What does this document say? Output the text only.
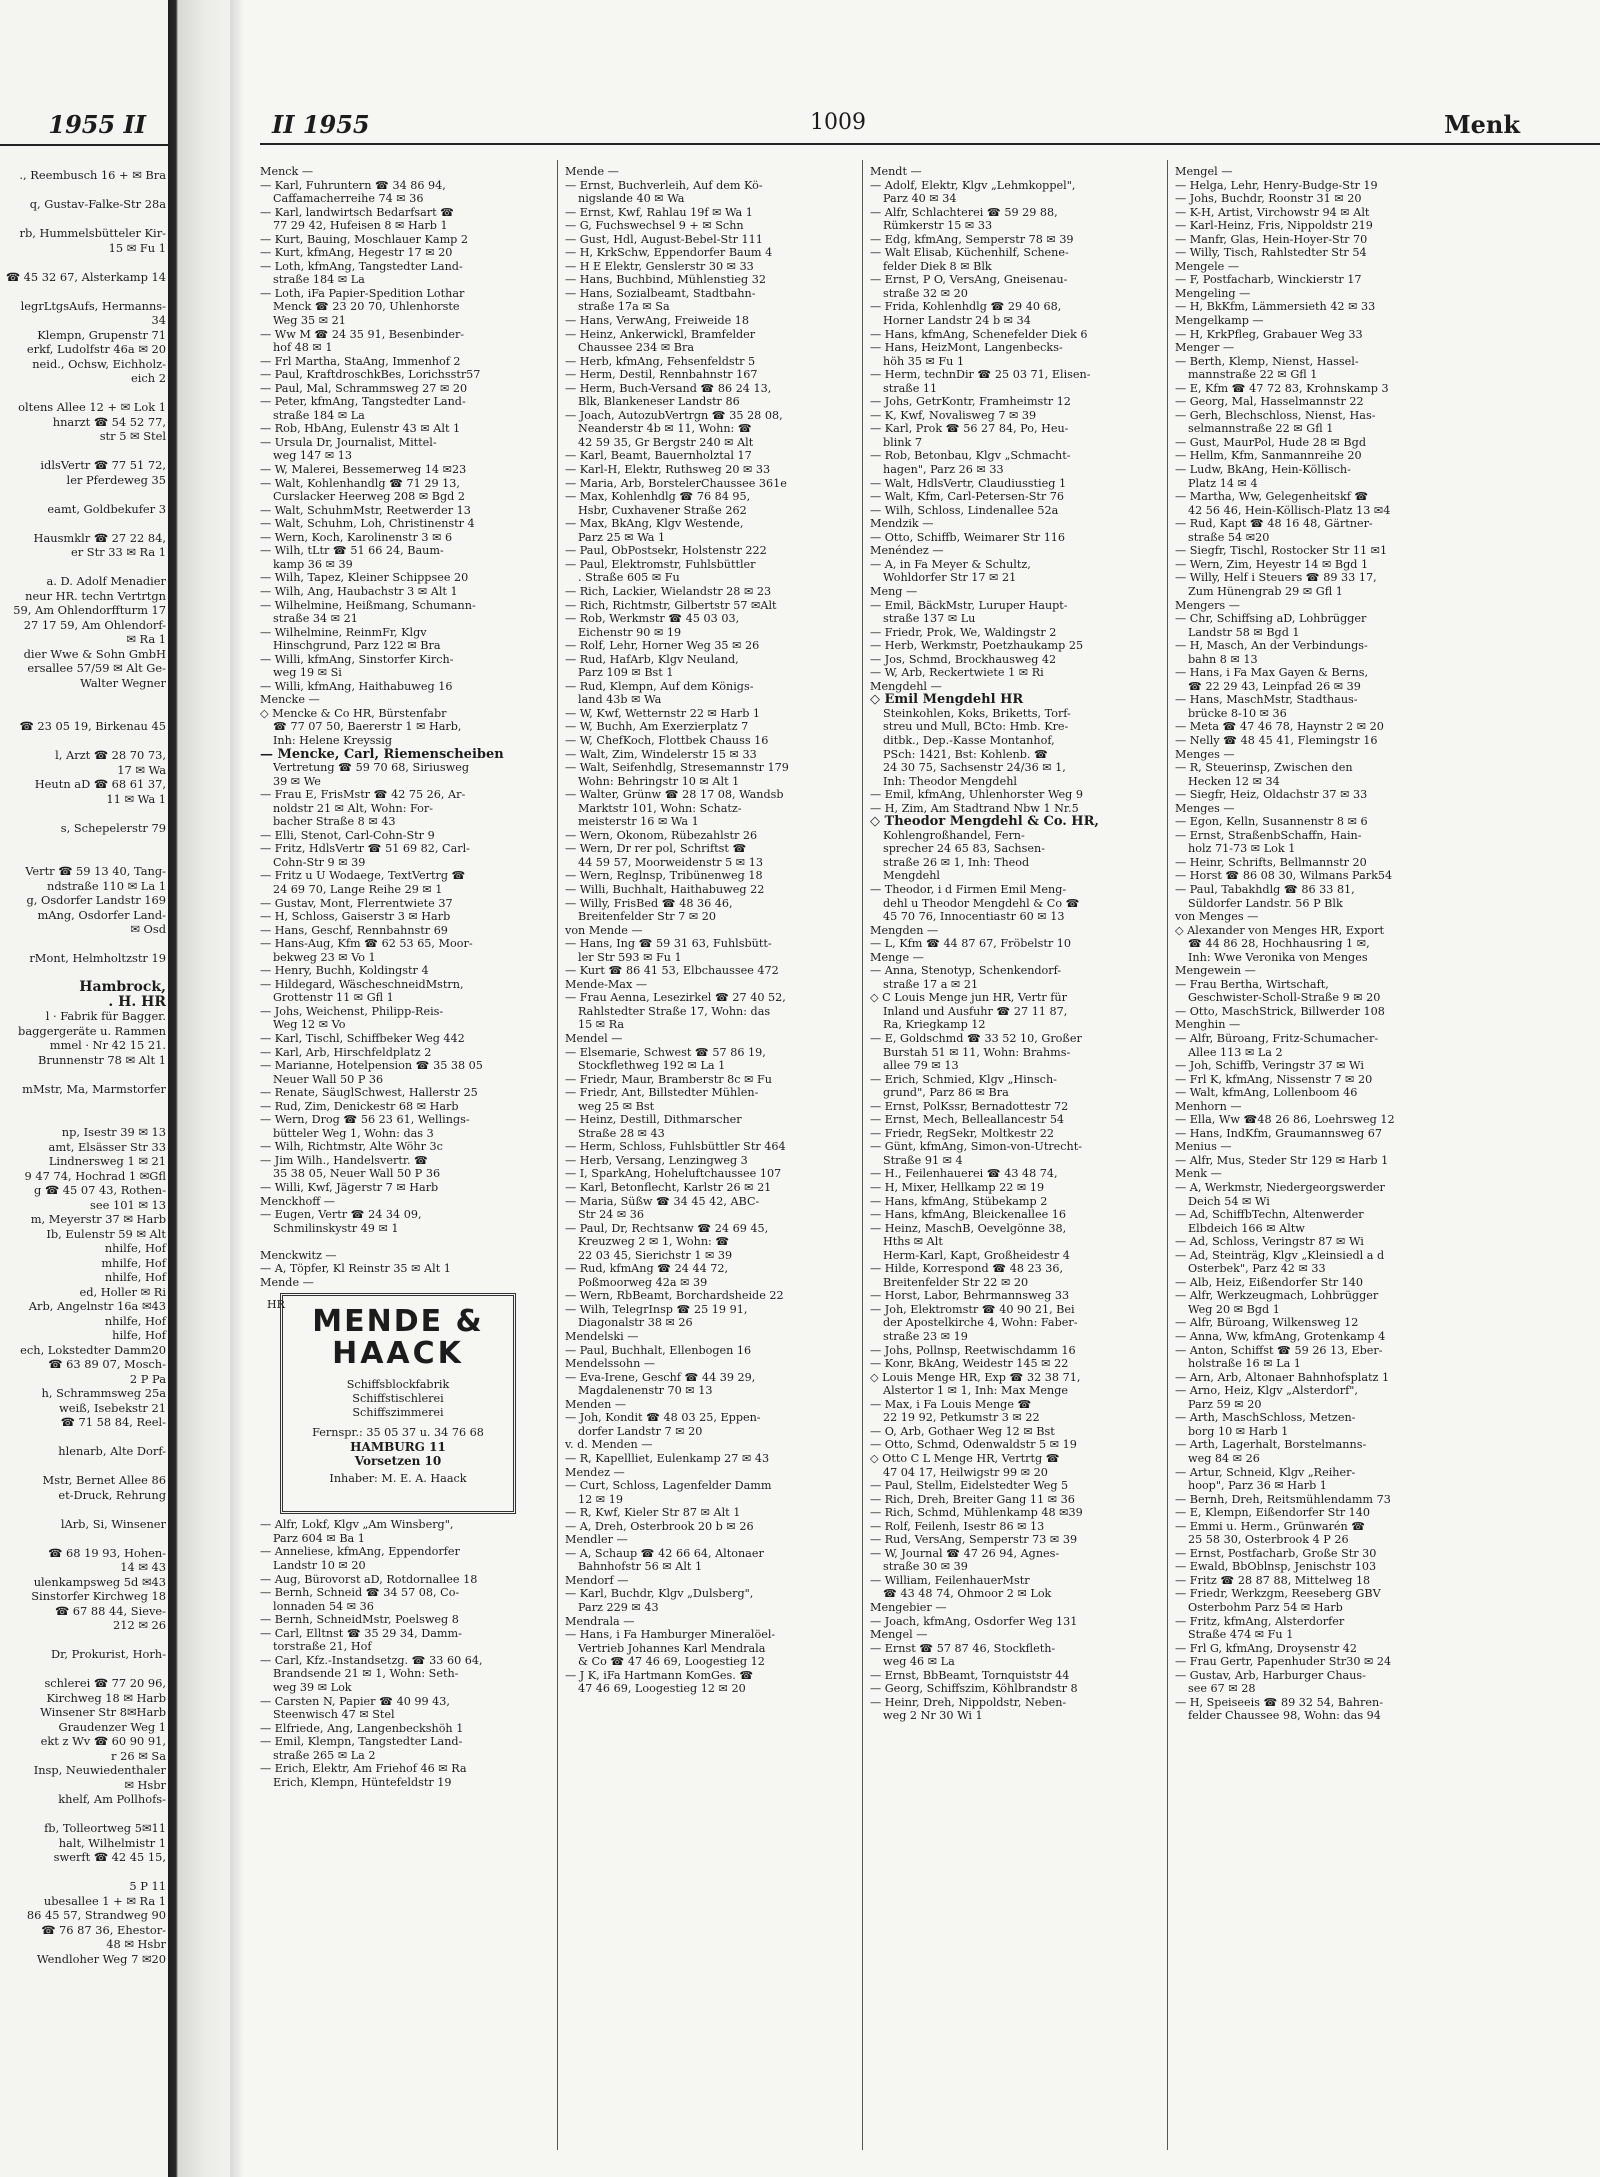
1955 II
., Reembusch 16 + ✉ Bra

q, Gustav-Falke-Str 28a

rb, Hummelsbütteler Kir-
15 ✉ Fu 1

☎ 45 32 67, Alsterkamp 14

legrLtgsAufs, Hermanns-
34
Klempn, Grupenstr 71
erkf, Ludolfstr 46a ✉ 20
neid., Ochsw, Eichholz-
eich 2

oltens Allee 12 + ✉ Lok 1
hnarzt ☎ 54 52 77,
str 5 ✉ Stel

idlsVertr ☎ 77 51 72,
ler Pferdeweg 35

eamt, Goldbekufer 3

Hausmklr ☎ 27 22 84,
er Str 33 ✉ Ra 1

a. D. Adolf Menadier
neur HR. techn Vertrtgn
59, Am Ohlendorffturm 17
27 17 59, Am Ohlendorf-
✉ Ra 1
dier Wwe & Sohn GmbH
ersallee 57/59 ✉ Alt Ge-
Walter Wegner

☎ 23 05 19, Birkenau 45

l, Arzt ☎ 28 70 73,
17 ✉ Wa
Heutn aD ☎ 68 61 37,
11 ✉ Wa 1

s, Schepelerstr 79

Vertr ☎ 59 13 40, Tang-
ndstraße 110 ✉ La 1
g, Osdorfer Landstr 169
mAng, Osdorfer Land-
✉ Osd

rMont, Helmholtzstr 19

Hambrock,
. H. HR
l · Fabrik für Bagger.
baggergeräte u. Rammen
mmel · Nr 42 15 21.
Brunnenstr 78 ✉ Alt 1

mMstr, Ma, Marmstorfer

np, Isestr 39 ✉ 13
amt, Elsässer Str 33
Lindnersweg 1 ✉ 21
9 47 74, Hochrad 1 ✉Gfl
g ☎ 45 07 43, Rothen-
see 101 ✉ 13
m, Meyerstr 37 ✉ Harb
Ib, Eulenstr 59 ✉ Alt
nhilfe, Hof
mhilfe, Hof
nhilfe, Hof
ed, Holler ✉ Ri
Arb, Angelnstr 16a ✉43
nhilfe, Hof
hilfe, Hof
ech, Lokstedter Damm20
☎ 63 89 07, Mosch-
2 P Pa
h, Schrammsweg 25a
weiß, Isebekstr 21
☎ 71 58 84, Reel-

hlenarb, Alte Dorf-

Mstr, Bernet Allee 86
et-Druck, Rehrung

lArb, Si, Winsener

☎ 68 19 93, Hohen-
14 ✉ 43
ulenkampsweg 5d ✉43
Sinstorfer Kirchweg 18
☎ 67 88 44, Sieve-
212 ✉ 26

Dr, Prokurist, Horh-

schlerei ☎ 77 20 96,
Kirchweg 18 ✉ Harb
Winsener Str 8✉Harb
Graudenzer Weg 1
ekt z Wv ☎ 60 90 91,
r 26 ✉ Sa
Insp, Neuwiedenthaler
✉ Hsbr
khelf, Am Pollhofs-

fb, Tolleortweg 5✉11
halt, Wilhelmistr 1
swerft ☎ 42 45 15,

5 P 11
ubesallee 1 + ✉ Ra 1
86 45 57, Strandweg 90
☎ 76 87 36, Ehestor-
48 ✉ Hsbr
Wendloher Weg 7 ✉20
II 1955	1009	Menk
Menck —
— Karl, Fuhruntern ☎ 34 86 94,
Caffamacherreihe 74 ✉ 36
— Karl, landwirtsch Bedarfsart ☎
77 29 42, Hufeisen 8 ✉ Harb 1
— Kurt, Bauing, Moschlauer Kamp 2
— Kurt, kfmAng, Hegestr 17 ✉ 20
— Loth, kfmAng, Tangstedter Land-
straße 184 ✉ La
— Loth, iFa Papier-Spedition Lothar
Menck ☎ 23 20 70, Uhlenhorste
Weg 35 ✉ 21
— Ww M ☎ 24 35 91, Besenbinder-
hof 48 ✉ 1
— Frl Martha, StaAng, Immenhof 2
— Paul, KraftdroschkBes, Lorichsstr57
— Paul, Mal, Schrammsweg 27 ✉ 20
— Peter, kfmAng, Tangstedter Land-
straße 184 ✉ La
— Rob, HbAng, Eulenstr 43 ✉ Alt 1
— Ursula Dr, Journalist, Mittel-
weg 147 ✉ 13
— W, Malerei, Bessemerweg 14 ✉23
— Walt, Kohlenhandlg ☎ 71 29 13,
Curslacker Heerweg 208 ✉ Bgd 2
— Walt, SchuhmMstr, Reetwerder 13
— Walt, Schuhm, Loh, Christinenstr 4
— Wern, Koch, Karolinenstr 3 ✉ 6
— Wilh, tLtr ☎ 51 66 24, Baum-
kamp 36 ✉ 39
— Wilh, Tapez, Kleiner Schippsee 20
— Wilh, Ang, Haubachstr 3 ✉ Alt 1
— Wilhelmine, Heißmang, Schumann-
straße 34 ✉ 21
— Wilhelmine, ReinmFr, Klgv
Hinschgrund, Parz 122 ✉ Bra
— Willi, kfmAng, Sinstorfer Kirch-
weg 19 ✉ Si
— Willi, kfmAng, Haithabuweg 16
Mencke —
◇ Mencke & Co HR, Bürstenfabr
☎ 77 07 50, Baererstr 1 ✉ Harb,
Inh: Helene Kreyssig
— Mencke, Carl, Riemenscheiben
Vertretung ☎ 59 70 68, Siriusweg
39 ✉ We
— Frau E, FrisMstr ☎ 42 75 26, Ar-
noldstr 21 ✉ Alt, Wohn: For-
bacher Straße 8 ✉ 43
— Elli, Stenot, Carl-Cohn-Str 9
— Fritz, HdlsVertr ☎ 51 69 82, Carl-
Cohn-Str 9 ✉ 39
— Fritz u U Wodaege, TextVertrg ☎
24 69 70, Lange Reihe 29 ✉ 1
— Gustav, Mont, Flerrentwiete 37
— H, Schloss, Gaiserstr 3 ✉ Harb
— Hans, Geschf, Rennbahnstr 69
— Hans-Aug, Kfm ☎ 62 53 65, Moor-
bekweg 23 ✉ Vo 1
— Henry, Buchh, Koldingstr 4
— Hildegard, WäscheschneidMstrn,
Grottenstr 11 ✉ Gfl 1
— Johs, Weichenst, Philipp-Reis-
Weg 12 ✉ Vo
— Karl, Tischl, Schiffbeker Weg 442
— Karl, Arb, Hirschfeldplatz 2
— Marianne, Hotelpension ☎ 35 38 05
Neuer Wall 50 P 36
— Renate, SäuglSchwest, Hallerstr 25
— Rud, Zim, Denickestr 68 ✉ Harb
— Wern, Drog ☎ 56 23 61, Wellings-
bütteler Weg 1, Wohn: das 3
— Wilh, Richtmstr, Alte Wöhr 3c
— Jim Wilh., Handelsvertr. ☎
35 38 05, Neuer Wall 50 P 36
— Willi, Kwf, Jägerstr 7 ✉ Harb
Menckhoff —
— Eugen, Vertr ☎ 24 34 09,
Schmilinskystr 49 ✉ 1

Menckwitz —
— A, Töpfer, Kl Reinstr 35 ✉ Alt 1
Mende —
HR MENDE &
HAACK
Schiffsblockfabrik
Schiffstischlerei
Schiffszimmerei
Fernspr.: 35 05 37 u. 34 76 68
HAMBURG 11
Vorsetzen 10
Inhaber: M. E. A. Haack
— Alfr, Lokf, Klgv „Am Winsberg",
Parz 604 ✉ Ba 1
— Anneliese, kfmAng, Eppendorfer
Landstr 10 ✉ 20
— Aug, Bürovorst aD, Rotdornallee 18
— Bernh, Schneid ☎ 34 57 08, Co-
lonnaden 54 ✉ 36
— Bernh, SchneidMstr, Poelsweg 8
— Carl, Elltnst ☎ 35 29 34, Damm-
torstraße 21, Hof
— Carl, Kfz.-Instandsetzg. ☎ 33 60 64,
Brandsende 21 ✉ 1, Wohn: Seth-
weg 39 ✉ Lok
— Carsten N, Papier ☎ 40 99 43,
Steenwisch 47 ✉ Stel
— Elfriede, Ang, Langenbeckshöh 1
— Emil, Klempn, Tangstedter Land-
straße 265 ✉ La 2
— Erich, Elektr, Am Friehof 46 ✉ Ra
Erich, Klempn, Hüntefeldstr 19
Mende —
— Ernst, Buchverleih, Auf dem Kö-
nigslande 40 ✉ Wa
— Ernst, Kwf, Rahlau 19f ✉ Wa 1
— G, Fuchswechsel 9 + ✉ Schn
— Gust, Hdl, August-Bebel-Str 111
— H, KrkSchw, Eppendorfer Baum 4
— H E Elektr, Genslerstr 30 ✉ 33
— Hans, Buchbind, Mühlenstieg 32
— Hans, Sozialbeamt, Stadtbahn-
straße 17a ✉ Sa
— Hans, VerwAng, Freiweide 18
— Heinz, Ankerwickl, Bramfelder
Chaussee 234 ✉ Bra
— Herb, kfmAng, Fehsenfeldstr 5
— Herm, Destil, Rennbahnstr 167
— Herm, Buch-Versand ☎ 86 24 13,
Blk, Blankeneser Landstr 86
— Joach, AutozubVertrgn ☎ 35 28 08,
Neanderstr 4b ✉ 11, Wohn: ☎
42 59 35, Gr Bergstr 240 ✉ Alt
— Karl, Beamt, Bauernholztal 17
— Karl-H, Elektr, Ruthsweg 20 ✉ 33
— Maria, Arb, BorstelerChaussee 361e
— Max, Kohlenhdlg ☎ 76 84 95,
Hsbr, Cuxhavener Straße 262
— Max, BkAng, Klgv Westende,
Parz 25 ✉ Wa 1
— Paul, ObPostsekr, Holstenstr 222
— Paul, Elektromstr, Fuhlsbüttler
. Straße 605 ✉ Fu
— Rich, Lackier, Wielandstr 28 ✉ 23
— Rich, Richtmstr, Gilbertstr 57 ✉Alt
— Rob, Werkmstr ☎ 45 03 03,
Eichenstr 90 ✉ 19
— Rolf, Lehr, Horner Weg 35 ✉ 26
— Rud, HafArb, Klgv Neuland,
Parz 109 ✉ Bst 1
— Rud, Klempn, Auf dem Königs-
land 43b ✉ Wa
— W, Kwf, Wetternstr 22 ✉ Harb 1
— W, Buchh, Am Exerzierplatz 7
— W, ChefKoch, Flottbek Chauss 16
— Walt, Zim, Windelerstr 15 ✉ 33
— Walt, Seifenhdlg, Stresemannstr 179
Wohn: Behringstr 10 ✉ Alt 1
— Walter, Grünw ☎ 28 17 08, Wandsb
Marktstr 101, Wohn: Schatz-
meisterstr 16 ✉ Wa 1
— Wern, Okonom, Rübezahlstr 26
— Wern, Dr rer pol, Schriftst ☎
44 59 57, Moorweidenstr 5 ✉ 13
— Wern, Reglnsp, Tribünenweg 18
— Willi, Buchhalt, Haithabuweg 22
— Willy, FrisBed ☎ 48 36 46,
Breitenfelder Str 7 ✉ 20
von Mende —
— Hans, Ing ☎ 59 31 63, Fuhlsbütt-
ler Str 593 ✉ Fu 1
— Kurt ☎ 86 41 53, Elbchaussee 472
Mende-Max —
— Frau Aenna, Lesezirkel ☎ 27 40 52,
Rahlstedter Straße 17, Wohn: das
15 ✉ Ra
Mendel —
— Elsemarie, Schwest ☎ 57 86 19,
Stockflethweg 192 ✉ La 1
— Friedr, Maur, Bramberstr 8c ✉ Fu
— Friedr, Ant, Billstedter Mühlen-
weg 25 ✉ Bst
— Heinz, Destill, Dithmarscher
Straße 28 ✉ 43
— Herm, Schloss, Fuhlsbüttler Str 464
— Herb, Versang, Lenzingweg 3
— I, SparkAng, Hoheluftchaussee 107
— Karl, Betonflecht, Karlstr 26 ✉ 21
— Maria, Süßw ☎ 34 45 42, ABC-
Str 24 ✉ 36
— Paul, Dr, Rechtsanw ☎ 24 69 45,
Kreuzweg 2 ✉ 1, Wohn: ☎
22 03 45, Sierichstr 1 ✉ 39
— Rud, kfmAng ☎ 24 44 72,
Poßmoorweg 42a ✉ 39
— Wern, RbBeamt, Borchardsheide 22
— Wilh, TelegrInsp ☎ 25 19 91,
Diagonalstr 38 ✉ 26
Mendelski —
— Paul, Buchhalt, Ellenbogen 16
Mendelssohn —
— Eva-Irene, Geschf ☎ 44 39 29,
Magdalenenstr 70 ✉ 13
Menden —
— Joh, Kondit ☎ 48 03 25, Eppen-
dorfer Landstr 7 ✉ 20
v. d. Menden —
— R, Kapellliet, Eulenkamp 27 ✉ 43
Mendez —
— Curt, Schloss, Lagenfelder Damm
12 ✉ 19
— R, Kwf, Kieler Str 87 ✉ Alt 1
— A, Dreh, Osterbrook 20 b ✉ 26
Mendler —
— A, Schaup ☎ 42 66 64, Altonaer
Bahnhofstr 56 ✉ Alt 1
Mendorf —
— Karl, Buchdr, Klgv „Dulsberg",
Parz 229 ✉ 43
Mendrala —
— Hans, i Fa Hamburger Mineralöel-
Vertrieb Johannes Karl Mendrala
& Co ☎ 47 46 69, Loogestieg 12
— J K, iFa Hartmann KomGes. ☎
47 46 69, Loogestieg 12 ✉ 20
Mendt —
— Adolf, Elektr, Klgv „Lehmkoppel",
Parz 40 ✉ 34
— Alfr, Schlachterei ☎ 59 29 88,
Rümkerstr 15 ✉ 33
— Edg, kfmAng, Semperstr 78 ✉ 39
— Walt Elisab, Küchenhilf, Schene-
felder Diek 8 ✉ Blk
— Ernst, P O, VersAng, Gneisenau-
straße 32 ✉ 20
— Frida, Kohlenhdlg ☎ 29 40 68,
Horner Landstr 24 b ✉ 34
— Hans, kfmAng, Schenefelder Diek 6
— Hans, HeizMont, Langenbecks-
höh 35 ✉ Fu 1
— Herm, technDir ☎ 25 03 71, Elisen-
straße 11
— Johs, GetrKontr, Framheimstr 12
— K, Kwf, Novalisweg 7 ✉ 39
— Karl, Prok ☎ 56 27 84, Po, Heu-
blink 7
— Rob, Betonbau, Klgv „Schmacht-
hagen", Parz 26 ✉ 33
— Walt, HdlsVertr, Claudiusstieg 1
— Walt, Kfm, Carl-Petersen-Str 76
— Wilh, Schloss, Lindenallee 52a
Mendzik —
— Otto, Schiffb, Weimarer Str 116
Menéndez —
— A, in Fa Meyer & Schultz,
Wohldorfer Str 17 ✉ 21
Meng —
— Emil, BäckMstr, Luruper Haupt-
straße 137 ✉ Lu
— Friedr, Prok, We, Waldingstr 2
— Herb, Werkmstr, Poetzhaukamp 25
— Jos, Schmd, Brockhausweg 42
— W, Arb, Reckertwiete 1 ✉ Ri
Mengdehl —
◇ Emil Mengdehl HR
Steinkohlen, Koks, Briketts, Torf-
streu und Mull, BCto: Hmb. Kre-
ditbk., Dep.-Kasse Montanhof,
PSch: 1421, Bst: Kohlenb. ☎
24 30 75, Sachsenstr 24/36 ✉ 1,
Inh: Theodor Mengdehl
— Emil, kfmAng, Uhlenhorster Weg 9
— H, Zim, Am Stadtrand Nbw 1 Nr.5
◇ Theodor Mengdehl & Co. HR,
Kohlengroßhandel, Fern-
sprecher 24 65 83, Sachsen-
straße 26 ✉ 1, Inh: Theod
Mengdehl
— Theodor, i d Firmen Emil Meng-
dehl u Theodor Mengdehl & Co ☎
45 70 76, Innocentiastr 60 ✉ 13
Mengden —
— L, Kfm ☎ 44 87 67, Fröbelstr 10
Menge —
— Anna, Stenotyp, Schenkendorf-
straße 17 a ✉ 21
◇ C Louis Menge jun HR, Vertr für
Inland und Ausfuhr ☎ 27 11 87,
Ra, Kriegkamp 12
— E, Goldschmd ☎ 33 52 10, Großer
Burstah 51 ✉ 11, Wohn: Brahms-
allee 79 ✉ 13
— Erich, Schmied, Klgv „Hinsch-
grund", Parz 86 ✉ Bra
— Ernst, PolKssr, Bernadottestr 72
— Ernst, Mech, Belleallancestr 54
— Friedr, RegSekr, Moltkestr 22
— Günt, kfmAng, Simon-von-Utrecht-
Straße 91 ✉ 4
— H., Feilenhauerei ☎ 43 48 74,
— H, Mixer, Hellkamp 22 ✉ 19
— Hans, kfmAng, Stübekamp 2
— Hans, kfmAng, Bleickenallee 16
— Heinz, MaschB, Oevelgönne 38,
Hths ✉ Alt
Herm-Karl, Kapt, Großheidestr 4
— Hilde, Korrespond ☎ 48 23 36,
Breitenfelder Str 22 ✉ 20
— Horst, Labor, Behrmannsweg 33
— Joh, Elektromstr ☎ 40 90 21, Bei
der Apostelkirche 4, Wohn: Faber-
straße 23 ✉ 19
— Johs, Pollnsp, Reetwischdamm 16
— Konr, BkAng, Weidestr 145 ✉ 22
◇ Louis Menge HR, Exp ☎ 32 38 71,
Alstertor 1 ✉ 1, Inh: Max Menge
— Max, i Fa Louis Menge ☎
22 19 92, Petkumstr 3 ✉ 22
— O, Arb, Gothaer Weg 12 ✉ Bst
— Otto, Schmd, Odenwaldstr 5 ✉ 19
◇ Otto C L Menge HR, Vertrtg ☎
47 04 17, Heilwigstr 99 ✉ 20
— Paul, Stellm, Eidelstedter Weg 5
— Rich, Dreh, Breiter Gang 11 ✉ 36
— Rich, Schmd, Mühlenkamp 48 ✉39
— Rolf, Feilenh, Isestr 86 ✉ 13
— Rud, VersAng, Semperstr 73 ✉ 39
— W, Journal ☎ 47 26 94, Agnes-
straße 30 ✉ 39
— William, FeilenhauerMstr
☎ 43 48 74, Ohmoor 2 ✉ Lok
Mengebier —
— Joach, kfmAng, Osdorfer Weg 131
Mengel —
— Ernst ☎ 57 87 46, Stockfleth-
weg 46 ✉ La
— Ernst, BbBeamt, Tornquiststr 44
— Georg, Schiffszim, Köhlbrandstr 8
— Heinr, Dreh, Nippoldstr, Neben-
weg 2 Nr 30 Wi 1
Mengel —
— Helga, Lehr, Henry-Budge-Str 19
— Johs, Buchdr, Roonstr 31 ✉ 20
— K-H, Artist, Virchowstr 94 ✉ Alt
— Karl-Heinz, Fris, Nippoldstr 219
— Manfr, Glas, Hein-Hoyer-Str 70
— Willy, Tisch, Rahlstedter Str 54
Mengele —
— F, Postfacharb, Winckierstr 17
Mengeling —
— H, BkKfm, Lämmersieth 42 ✉ 33
Mengelkamp —
— H, KrkPfleg, Grabauer Weg 33
Menger —
— Berth, Klemp, Nienst, Hassel-
mannstraße 22 ✉ Gfl 1
— E, Kfm ☎ 47 72 83, Krohnskamp 3
— Georg, Mal, Hasselmannstr 22
— Gerh, Blechschloss, Nienst, Has-
selmannstraße 22 ✉ Gfl 1
— Gust, MaurPol, Hude 28 ✉ Bgd
— Hellm, Kfm, Sanmannreihe 20
— Ludw, BkAng, Hein-Köllisch-
Platz 14 ✉ 4
— Martha, Ww, Gelegenheitskf ☎
42 56 46, Hein-Köllisch-Platz 13 ✉4
— Rud, Kapt ☎ 48 16 48, Gärtner-
straße 54 ✉20
— Siegfr, Tischl, Rostocker Str 11 ✉1
— Wern, Zim, Heyestr 14 ✉ Bgd 1
— Willy, Helf i Steuers ☎ 89 33 17,
Zum Hünengrab 29 ✉ Gfl 1
Mengers —
— Chr, Schiffsing aD, Lohbrügger
Landstr 58 ✉ Bgd 1
— H, Masch, An der Verbindungs-
bahn 8 ✉ 13
— Hans, i Fa Max Gayen & Berns,
☎ 22 29 43, Leinpfad 26 ✉ 39
— Hans, MaschMstr, Stadthaus-
brücke 8-10 ✉ 36
— Meta ☎ 47 46 78, Haynstr 2 ✉ 20
— Nelly ☎ 48 45 41, Flemingstr 16
Menges —
— R, Steuerinsp, Zwischen den
Hecken 12 ✉ 34
— Siegfr, Heiz, Oldachstr 37 ✉ 33
Menges —
— Egon, Kelln, Susannenstr 8 ✉ 6
— Ernst, StraßenbSchaffn, Hain-
holz 71-73 ✉ Lok 1
— Heinr, Schrifts, Bellmannstr 20
— Horst ☎ 86 08 30, Wilmans Park54
— Paul, Tabakhdlg ☎ 86 33 81,
Süldorfer Landstr. 56 P Blk
von Menges —
◇ Alexander von Menges HR, Export
☎ 44 86 28, Hochhausring 1 ✉,
Inh: Wwe Veronika von Menges
Mengewein —
— Frau Bertha, Wirtschaft,
Geschwister-Scholl-Straße 9 ✉ 20
— Otto, MaschStrick, Billwerder 108
Menghin —
— Alfr, Büroang, Fritz-Schumacher-
Allee 113 ✉ La 2
— Joh, Schiffb, Veringstr 37 ✉ Wi
— Frl K, kfmAng, Nissenstr 7 ✉ 20
— Walt, kfmAng, Lollenboom 46
Menhorn —
— Ella, Ww ☎48 26 86, Loehrsweg 12
— Hans, IndKfm, Graumannsweg 67
Menius —
— Alfr, Mus, Steder Str 129 ✉ Harb 1
Menk —
— A, Werkmstr, Niedergeorgswerder
Deich 54 ✉ Wi
— Ad, SchiffbTechn, Altenwerder
Elbdeich 166 ✉ Altw
— Ad, Schloss, Veringstr 87 ✉ Wi
— Ad, Steinträg, Klgv „Kleinsiedl a d
Osterbek", Parz 42 ✉ 33
— Alb, Heiz, Eißendorfer Str 140
— Alfr, Werkzeugmach, Lohbrügger
Weg 20 ✉ Bgd 1
— Alfr, Büroang, Wilkensweg 12
— Anna, Ww, kfmAng, Grotenkamp 4
— Anton, Schiffst ☎ 59 26 13, Eber-
holstraße 16 ✉ La 1
— Arn, Arb, Altonaer Bahnhofsplatz 1
— Arno, Heiz, Klgv „Alsterdorf",
Parz 59 ✉ 20
— Arth, MaschSchloss, Metzen-
borg 10 ✉ Harb 1
— Arth, Lagerhalt, Borstelmanns-
weg 84 ✉ 26
— Artur, Schneid, Klgv „Reiher-
hoop", Parz 36 ✉ Harb 1
— Bernh, Dreh, Reitsmühlendamm 73
— E, Klempn, Eißendorfer Str 140
— Emmi u. Herm., Grünwarén ☎
25 58 30, Osterbrook 4 P 26
— Ernst, Postfacharb, Große Str 30
— Ewald, BbOblnsp, Jenischstr 103
— Fritz ☎ 28 87 88, Mittelweg 18
— Friedr, Werkzgm, Reeseberg GBV
Osterbohm Parz 54 ✉ Harb
— Fritz, kfmAng, Alsterdorfer
Straße 474 ✉ Fu 1
— Frl G, kfmAng, Droysenstr 42
— Frau Gertr, Papenhuder Str30 ✉ 24
— Gustav, Arb, Harburger Chaus-
see 67 ✉ 28
— H, Speiseeis ☎ 89 32 54, Bahren-
felder Chaussee 98, Wohn: das 94
